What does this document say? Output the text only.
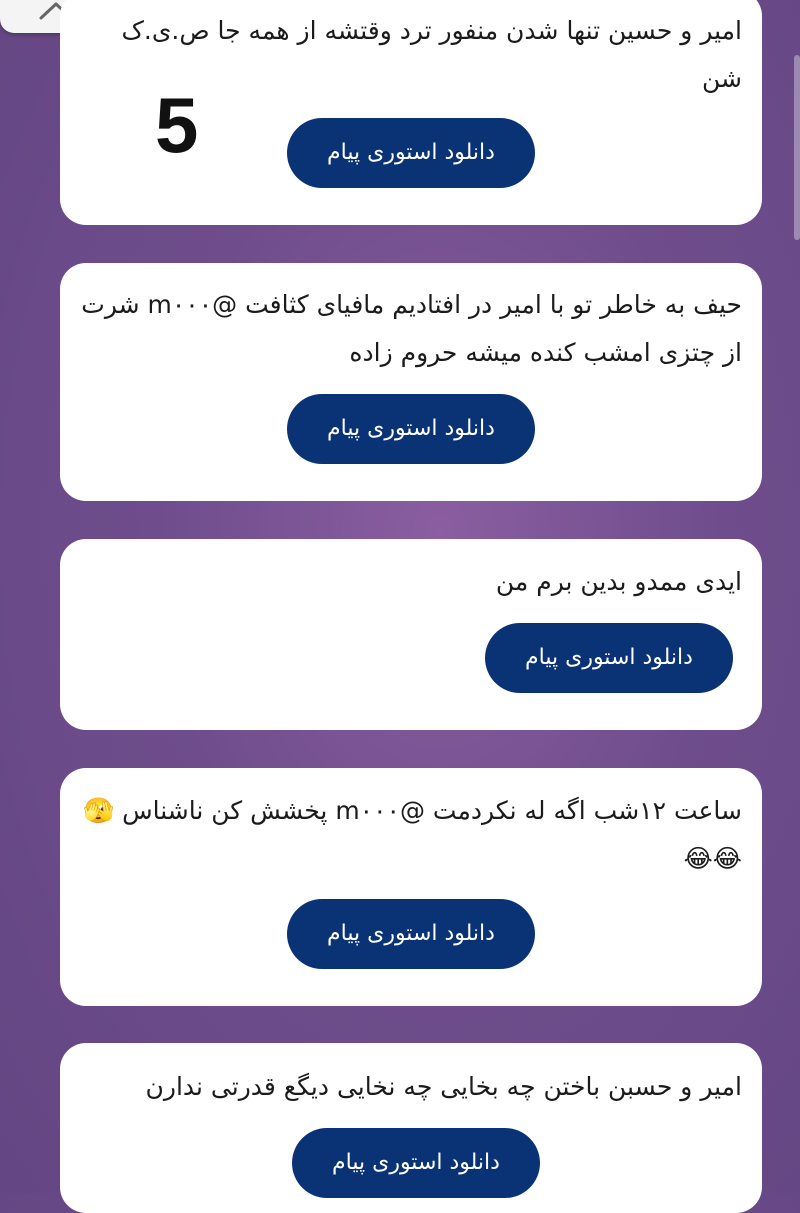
امیر و حسین تنها شدن منفور ترد وقتشه از همه جا ص.ی.ک شن
5	دانلود استوری پیام
حیف به خاطر تو با امیر در افتادیم مافیای کثافت @m۰۰۰ شرت از چتزی امشب کنده میشه حروم زاده
دانلود استوری پیام
ایدی ممدو بدین برم من
دانلود استوری پیام
ساعت ۱۲شب اگه له نکردمت @m۰۰۰ پخشش کن ناشناس 🫣😂😂
دانلود استوری پیام
امیر و حسبن باختن چه بخایی چه نخایی دیگع قدرتی ندارن
دانلود استوری پیام
